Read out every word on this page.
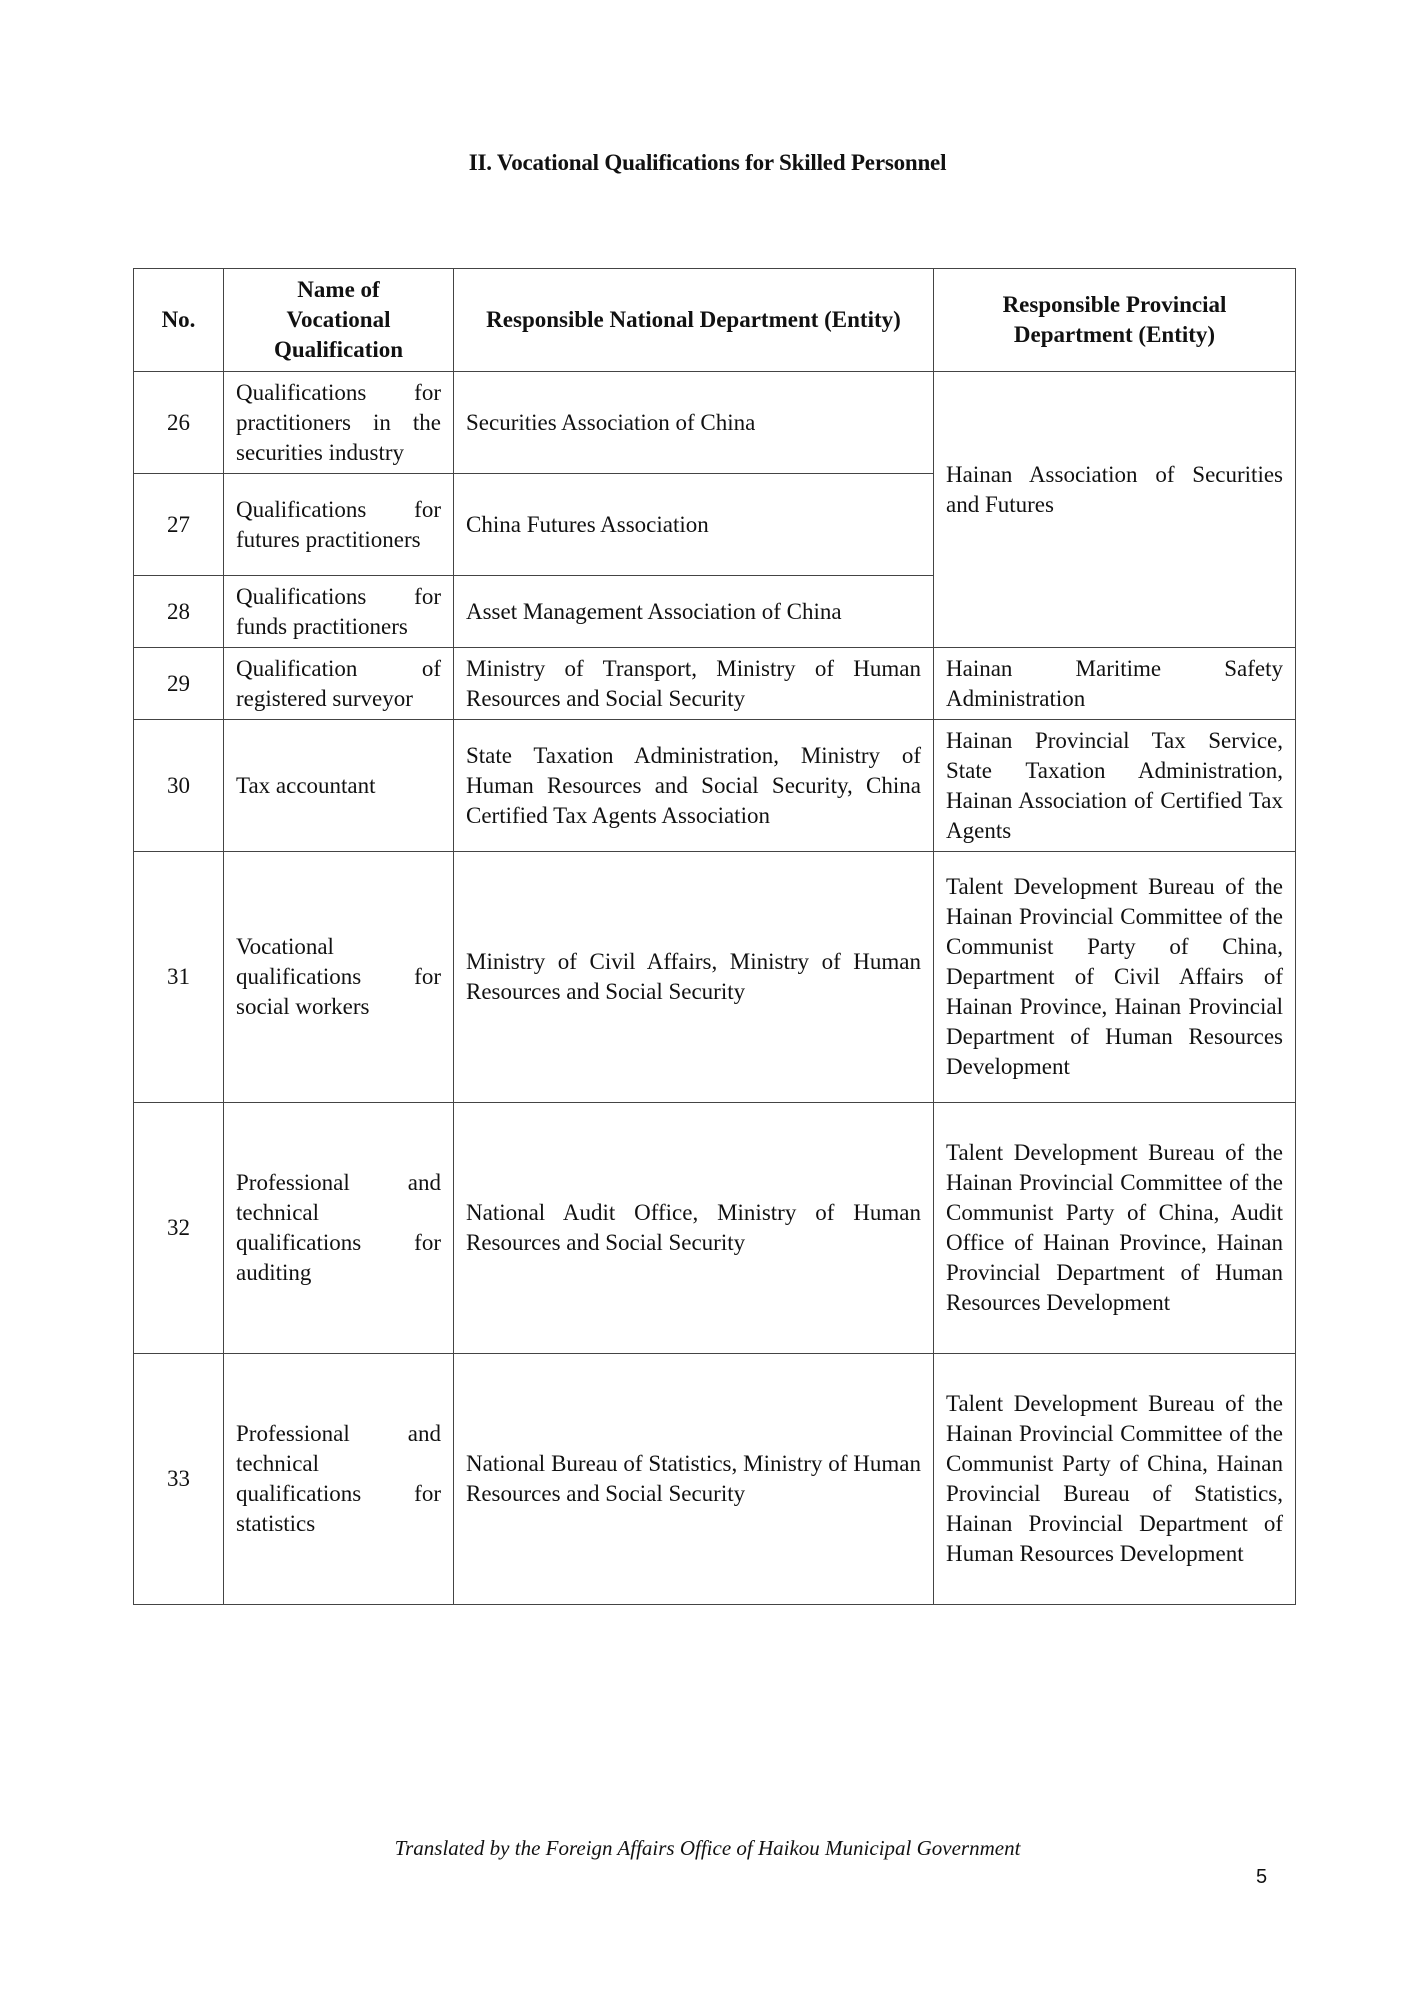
II. Vocational Qualifications for Skilled Personnel
No.	Name of Vocational Qualification	Responsible National Department (Entity)	Responsible Provincial Department (Entity)
26	Qualifications for practitioners in the securities industry	Securities Association of China	Hainan Association of Securities and Futures
27	Qualifications for futures practitioners	China Futures Association	
28	Qualifications for funds practitioners	Asset Management Association of China	
29	Qualification of registered surveyor	Ministry of Transport, Ministry of Human Resources and Social Security	Hainan Maritime Safety Administration
30	Tax accountant	State Taxation Administration, Ministry of Human Resources and Social Security, China Certified Tax Agents Association	Hainan Provincial Tax Service, State Taxation Administration, Hainan Association of Certified Tax Agents
31	Vocational qualifications for social workers	Ministry of Civil Affairs, Ministry of Human Resources and Social Security	Talent Development Bureau of the Hainan Provincial Committee of the Communist Party of China, Department of Civil Affairs of Hainan Province, Hainan Provincial Department of Human Resources Development
32	Professional and technical qualifications for auditing	National Audit Office, Ministry of Human Resources and Social Security	Talent Development Bureau of the Hainan Provincial Committee of the Communist Party of China, Audit Office of Hainan Province, Hainan Provincial Department of Human Resources Development
33	Professional and technical qualifications for statistics	National Bureau of Statistics, Ministry of Human Resources and Social Security	Talent Development Bureau of the Hainan Provincial Committee of the Communist Party of China, Hainan Provincial Bureau of Statistics, Hainan Provincial Department of Human Resources Development
Translated by the Foreign Affairs Office of Haikou Municipal Government
5
